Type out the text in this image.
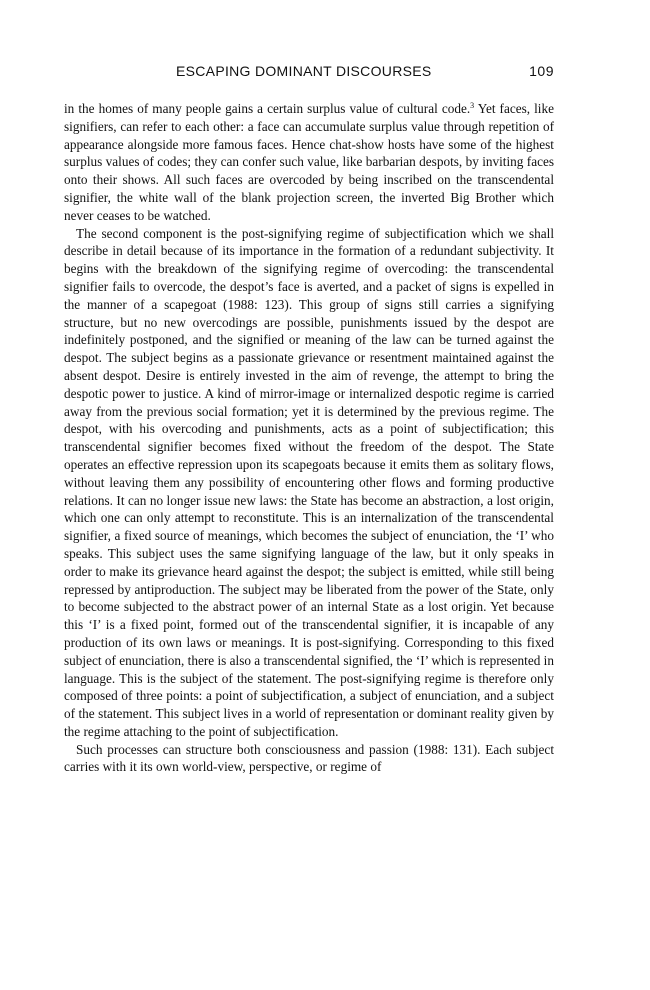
ESCAPING DOMINANT DISCOURSES	109

in the homes of many people gains a certain surplus value of cultural code.$^3$ Yet faces, like signifiers, can refer to each other: a face can accumulate surplus value through repetition of appearance alongside more famous faces. Hence chat-show hosts have some of the highest surplus values of codes; they can confer such value, like barbarian despots, by inviting faces onto their shows. All such faces are overcoded by being inscribed on the transcendental signifier, the white wall of the blank projection screen, the inverted Big Brother which never ceases to be watched.

The second component is the post-signifying regime of subjectification which we shall describe in detail because of its importance in the formation of a redundant subjectivity. It begins with the breakdown of the signifying regime of overcoding: the transcendental signifier fails to overcode, the despot’s face is averted, and a packet of signs is expelled in the manner of a scapegoat (1988: 123). This group of signs still carries a signifying structure, but no new overcodings are possible, punishments issued by the despot are indefinitely postponed, and the signified or meaning of the law can be turned against the despot. The subject begins as a passionate grievance or resentment maintained against the absent despot. Desire is entirely invested in the aim of revenge, the attempt to bring the despotic power to justice. A kind of mirror-image or internalized despotic regime is carried away from the previous social formation; yet it is determined by the previous regime. The despot, with his overcoding and punishments, acts as a point of subjectification; this transcendental signifier becomes fixed without the freedom of the despot. The State operates an effective repression upon its scapegoats because it emits them as solitary flows, without leaving them any possibility of encountering other flows and forming productive relations. It can no longer issue new laws: the State has become an abstraction, a lost origin, which one can only attempt to reconstitute. This is an internalization of the transcendental signifier, a fixed source of meanings, which becomes the subject of enunciation, the ‘I’ who speaks. This subject uses the same signifying language of the law, but it only speaks in order to make its grievance heard against the despot; the subject is emitted, while still being repressed by antiproduction. The subject may be liberated from the power of the State, only to become subjected to the abstract power of an internal State as a lost origin. Yet because this ‘I’ is a fixed point, formed out of the transcendental signifier, it is incapable of any production of its own laws or meanings. It is post-signifying. Corresponding to this fixed subject of enunciation, there is also a transcendental signified, the ‘I’ which is represented in language. This is the subject of the statement. The post-signifying regime is therefore only composed of three points: a point of subjectification, a subject of enunciation, and a subject of the statement. This subject lives in a world of representation or dominant reality given by the regime attaching to the point of subjectification.

Such processes can structure both consciousness and passion (1988: 131). Each subject carries with it its own world-view, perspective, or regime of
